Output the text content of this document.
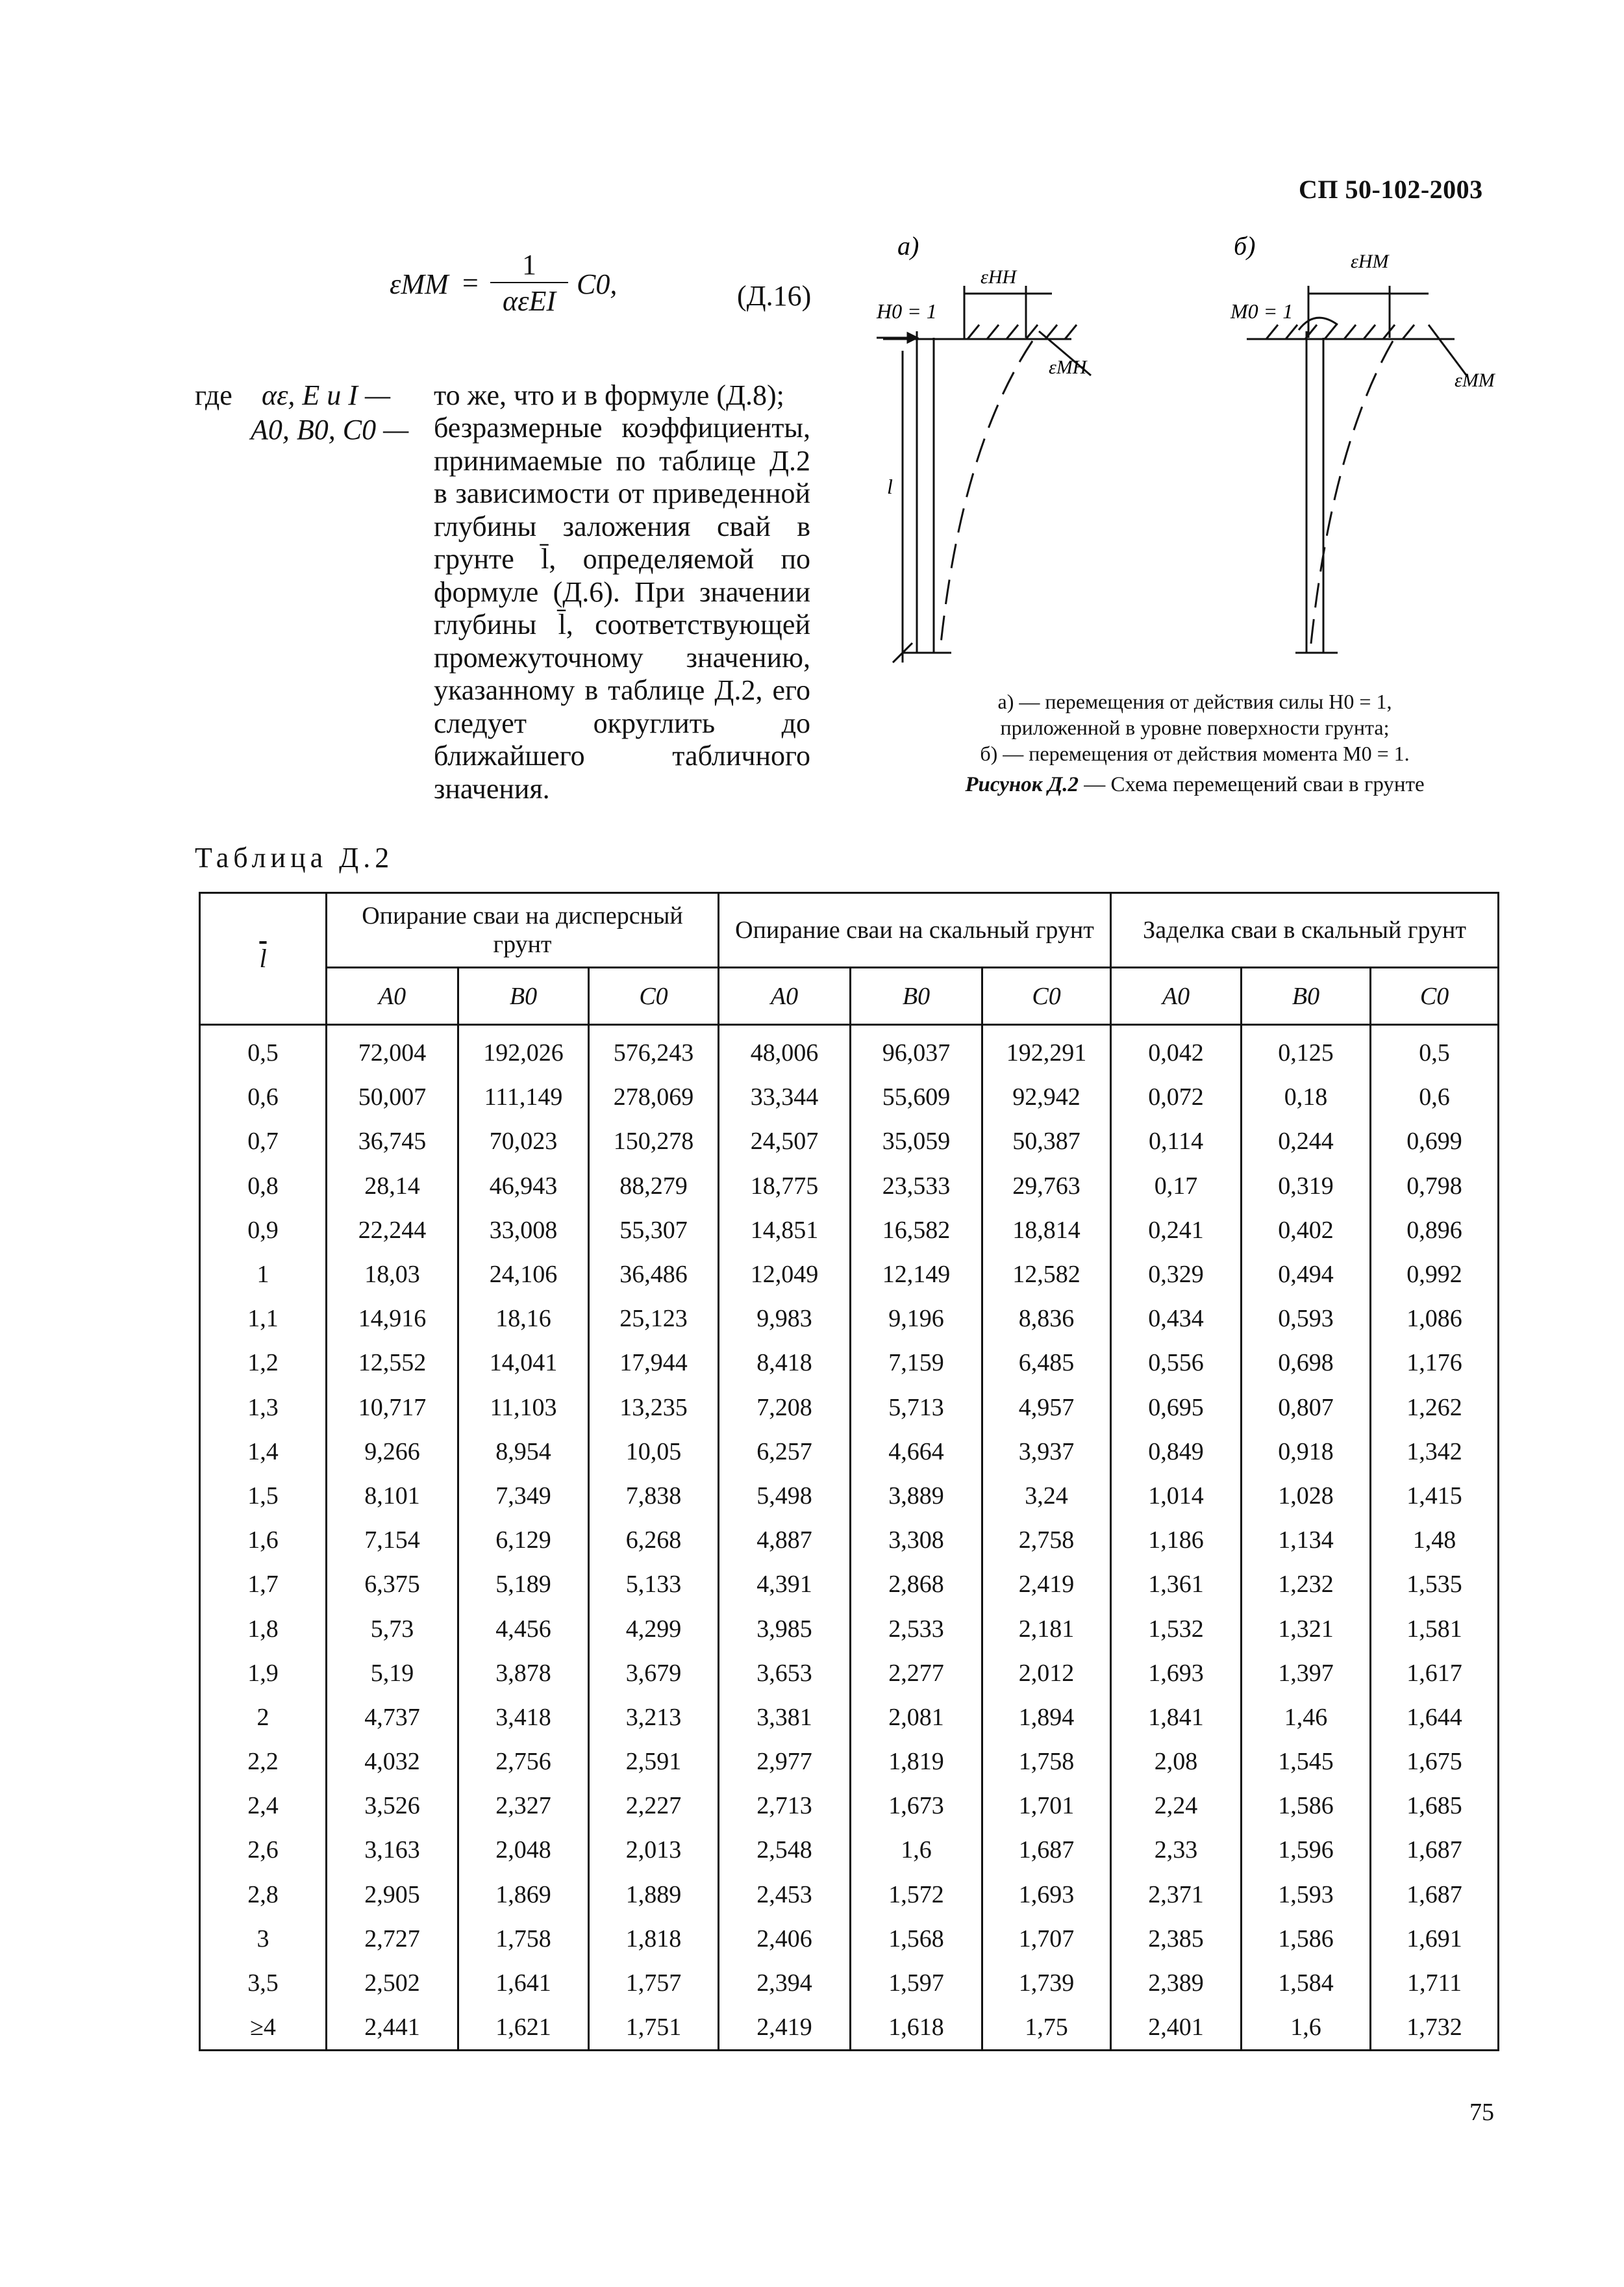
СП 50-102-2003
εMM =
1
αεEI
C0,	(Д.16)
где αε, E и I — то же, что и в формуле (Д.8);
A0, B0, C0 — безразмерные коэффициенты, принимаемые по таблице Д.2 в зависимости от приведенной глубины заложения свай в грунте l̄, определяемой по формуле (Д.6). При значении глубины l̄, соответствующей промежуточному значению, указанному в таблице Д.2, его следует округлить до ближайшего табличного значения.
а)	б)
εHH
εMH
εHM
εMM
H0 = 1	M0 = 1
l
а) — перемещения от действия силы H0 = 1,
приложенной в уровне поверхности грунта;
б) — перемещения от действия момента M0 = 1.
Рисунок Д.2 — Схема перемещений сваи в грунте
Таблица Д.2
$\overline{l}$	Опирание сваи на дисперсный грунт			Опирание сваи на скальный грунт			Заделка сваи в скальный грунт		
	A0	B0	C0	A0	B0	C0	A0	B0	C0
0,5	72,004	192,026	576,243	48,006	96,037	192,291	0,042	0,125	0,5
0,6	50,007	111,149	278,069	33,344	55,609	92,942	0,072	0,18	0,6
0,7	36,745	70,023	150,278	24,507	35,059	50,387	0,114	0,244	0,699
0,8	28,14	46,943	88,279	18,775	23,533	29,763	0,17	0,319	0,798
0,9	22,244	33,008	55,307	14,851	16,582	18,814	0,241	0,402	0,896
1	18,03	24,106	36,486	12,049	12,149	12,582	0,329	0,494	0,992
1,1	14,916	18,16	25,123	9,983	9,196	8,836	0,434	0,593	1,086
1,2	12,552	14,041	17,944	8,418	7,159	6,485	0,556	0,698	1,176
1,3	10,717	11,103	13,235	7,208	5,713	4,957	0,695	0,807	1,262
1,4	9,266	8,954	10,05	6,257	4,664	3,937	0,849	0,918	1,342
1,5	8,101	7,349	7,838	5,498	3,889	3,24	1,014	1,028	1,415
1,6	7,154	6,129	6,268	4,887	3,308	2,758	1,186	1,134	1,48
1,7	6,375	5,189	5,133	4,391	2,868	2,419	1,361	1,232	1,535
1,8	5,73	4,456	4,299	3,985	2,533	2,181	1,532	1,321	1,581
1,9	5,19	3,878	3,679	3,653	2,277	2,012	1,693	1,397	1,617
2	4,737	3,418	3,213	3,381	2,081	1,894	1,841	1,46	1,644
2,2	4,032	2,756	2,591	2,977	1,819	1,758	2,08	1,545	1,675
2,4	3,526	2,327	2,227	2,713	1,673	1,701	2,24	1,586	1,685
2,6	3,163	2,048	2,013	2,548	1,6	1,687	2,33	1,596	1,687
2,8	2,905	1,869	1,889	2,453	1,572	1,693	2,371	1,593	1,687
3	2,727	1,758	1,818	2,406	1,568	1,707	2,385	1,586	1,691
3,5	2,502	1,641	1,757	2,394	1,597	1,739	2,389	1,584	1,711
≥4	2,441	1,621	1,751	2,419	1,618	1,75	2,401	1,6	1,732
75
